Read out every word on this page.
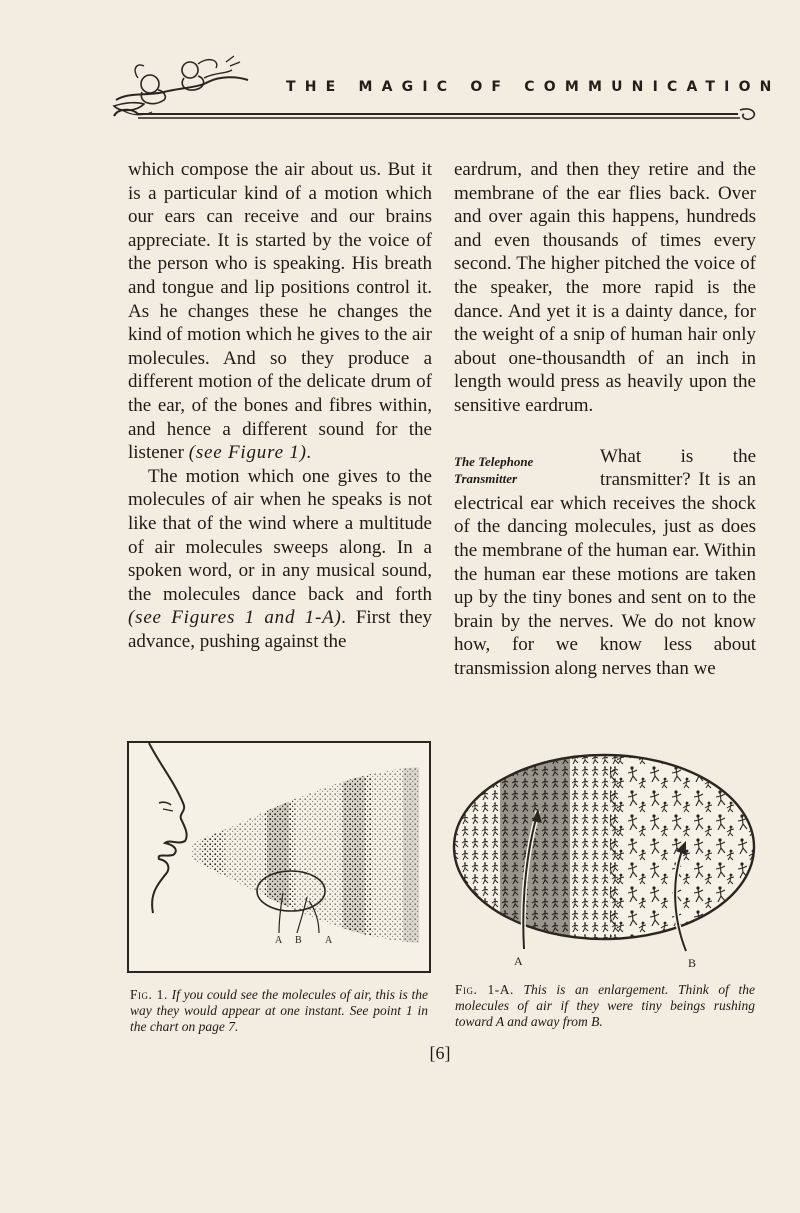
THE MAGIC OF COMMUNICATION

which compose the air about us. But it is a particular kind of a motion which our ears can receive and our brains appreciate. It is started by the voice of the person who is speaking. His breath and tongue and lip positions control it. As he changes these he changes the kind of motion which he gives to the air molecules. And so they produce a different motion of the delicate drum of the ear, of the bones and fibres within, and hence a different sound for the listener (see Figure 1).

The motion which one gives to the molecules of air when he speaks is not like that of the wind where a multitude of air molecules sweeps along. In a spoken word, or in any musical sound, the molecules dance back and forth (see Figures 1 and 1-A). First they advance, pushing against the

eardrum, and then they retire and the membrane of the ear flies back. Over and over again this happens, hundreds and even thousands of times every second. The higher pitched the voice of the speaker, the more rapid is the dance. And yet it is a dainty dance, for the weight of a snip of human hair only about one-thousandth of an inch in length would press as heavily upon the sensitive eardrum.

The Telephone
Transmitter

What is the transmitter? It is an electrical ear which receives the shock of the dancing molecules, just as does the membrane of the human ear. Within the human ear these motions are taken up by the tiny bones and sent on to the brain by the nerves. We do not know how, for we know less about transmission along nerves than we

A B A
Fig. 1. If you could see the molecules of air, this is the way they would appear at one instant. See point 1 in the chart on page 7.
A	B
Fig. 1-A. This is an enlargement. Think of the molecules of air if they were tiny beings rushing toward A and away from B.
[6]
